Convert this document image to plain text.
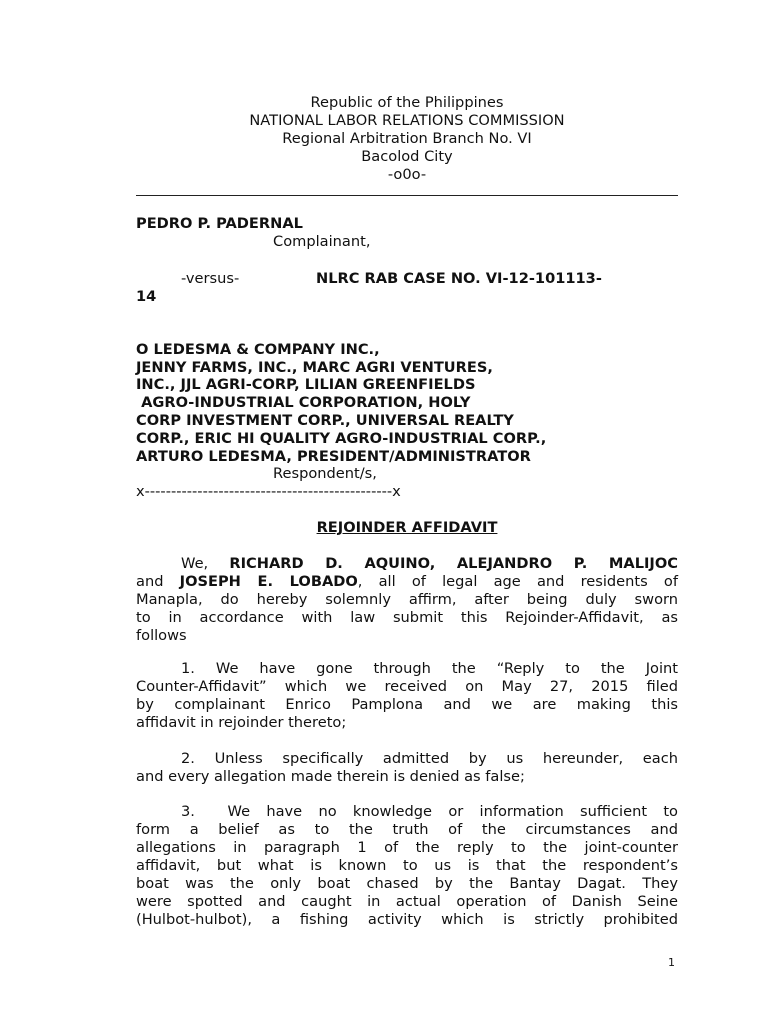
Republic of the Philippines
NATIONAL LABOR RELATIONS COMMISSION
Regional Arbitration Branch No. VI
Bacolod City
-o0o-
PEDRO P. PADERNAL
Complainant,
-versus-	NLRC RAB CASE NO. VI-12-101113-
14
O LEDESMA & COMPANY INC.,
JENNY FARMS, INC., MARC AGRI VENTURES,
INC., JJL AGRI-CORP, LILIAN GREENFIELDS
AGRO-INDUSTRIAL CORPORATION, HOLY
CORP INVESTMENT CORP., UNIVERSAL REALTY
CORP., ERIC HI QUALITY AGRO-INDUSTRIAL CORP.,
ARTURO LEDESMA, PRESIDENT/ADMINISTRATOR
Respondent/s,
x-----------------------------------------------x
REJOINDER AFFIDAVIT
We, RICHARD D. AQUINO, ALEJANDRO P. MALIJOC
and JOSEPH E. LOBADO, all of legal age and residents of
Manapla, do hereby solemnly affirm, after being duly sworn
to in accordance with law submit this Rejoinder-Affidavit, as
follows
1. We have gone through the “Reply to the Joint
Counter-Affidavit” which we received on May 27, 2015 filed
by complainant Enrico Pamplona and we are making this
affidavit in rejoinder thereto;
2. Unless specifically admitted by us hereunder, each
and every allegation made therein is denied as false;
3.  We have no knowledge or information sufficient to
form a belief as to the truth of the circumstances and
allegations in paragraph 1 of the reply to the joint-counter
affidavit, but what is known to us is that the respondent’s
boat was the only boat chased by the Bantay Dagat. They
were spotted and caught in actual operation of Danish Seine
(Hulbot-hulbot), a fishing activity which is strictly prohibited
1
